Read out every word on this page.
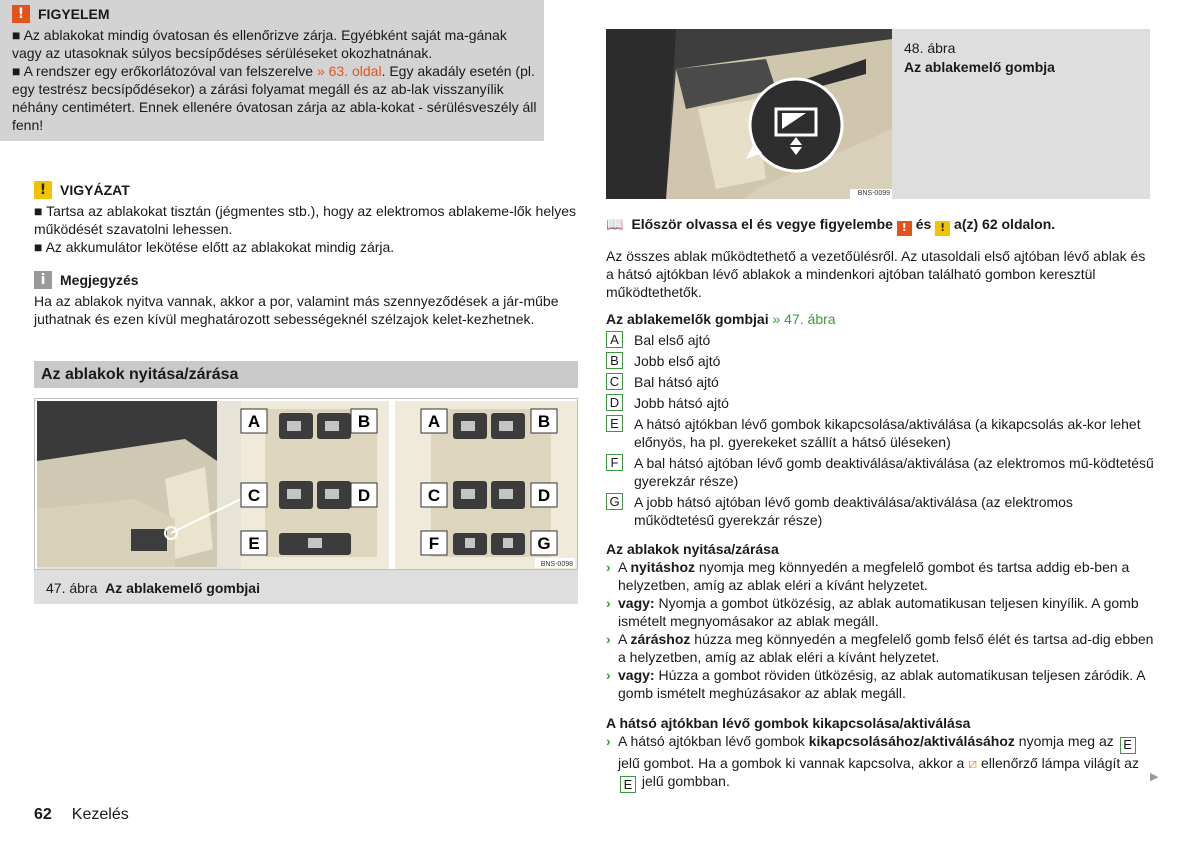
! FIGYELEM

■ Az ablakokat mindig óvatosan és ellenőrizve zárja. Egyébként saját ma-gának vagy az utasoknak súlyos becsípődéses sérüléseket okozhatnának.

■ A rendszer egy erőkorlátozóval van felszerelve » 63. oldal. Egy akadály esetén (pl. egy testrész becsípődésekor) a zárási folyamat megáll és az ab-lak visszanyílik néhány centimétert. Ennek ellenére óvatosan zárja az abla-kokat - sérülésveszély áll fenn!

! VIGYÁZAT

■ Tartsa az ablakokat tisztán (jégmentes stb.), hogy az elektromos ablakeme-lők helyes működését szavatolni lehessen.

■ Az akkumulátor lekötése előtt az ablakokat mindig zárja.

i	Megjegyzés

Ha az ablakok nyitva vannak, akkor a por, valamint más szennyeződések a jár-műbe juthatnak és ezen kívül meghatározott sebességeknél szélzajok kelet-kezhetnek.

Az ablakok nyitása/zárása
A	B
C	D
E
A	B
C	D
F	G
BNS-0098
47. ábra Az ablakemelő gombjai
BNS-0099
48. ábra
Az ablakemelő gombja
📖 Először olvassa el és vegye figyelembe ! és ! a(z) 62 oldalon.

Az összes ablak működtethető a vezetőülésről. Az utasoldali első ajtóban lévő ablak és a hátsó ajtókban lévő ablakok a mindenkori ajtóban található gombon keresztül működtethetők.

Az ablakemelők gombjai » 47. ábra
A Bal első ajtó
B Jobb első ajtó
C Bal hátsó ajtó
D Jobb hátsó ajtó
E A hátsó ajtókban lévő gombok kikapcsolása/aktiválása (a kikapcsolás ak-kor lehet előnyös, ha pl. gyerekeket szállít a hátsó üléseken)
F	A bal hátsó ajtóban lévő gomb deaktiválása/aktiválása (az elektromos mű-ködtetésű gyerekzár része)
G A jobb hátsó ajtóban lévő gomb deaktiválása/aktiválása (az elektromos működtetésű gyerekzár része)
Az ablakok nyitása/zárása
› A nyitáshoz nyomja meg könnyedén a megfelelő gombot és tartsa addig eb-ben a helyzetben, amíg az ablak eléri a kívánt helyzetet.
› vagy: Nyomja a gombot ütközésig, az ablak automatikusan teljesen kinyílik. A gomb ismételt megnyomásakor az ablak megáll.
› A záráshoz húzza meg könnyedén a megfelelő gomb felső élét és tartsa ad-dig ebben a helyzetben, amíg az ablak eléri a kívánt helyzetet.
› vagy: Húzza a gombot röviden ütközésig, az ablak automatikusan teljesen záródik. A gomb ismételt meghúzásakor az ablak megáll.
A hátsó ajtókban lévő gombok kikapcsolása/aktiválása
› A hátsó ajtókban lévő gombok kikapcsolásához/aktiválásához nyomja meg az E jelű gombot. Ha a gombok ki vannak kapcsolva, akkor a ⧄ ellenőrző lámpa világít az E jelű gombban.	▶
62 Kezelés
